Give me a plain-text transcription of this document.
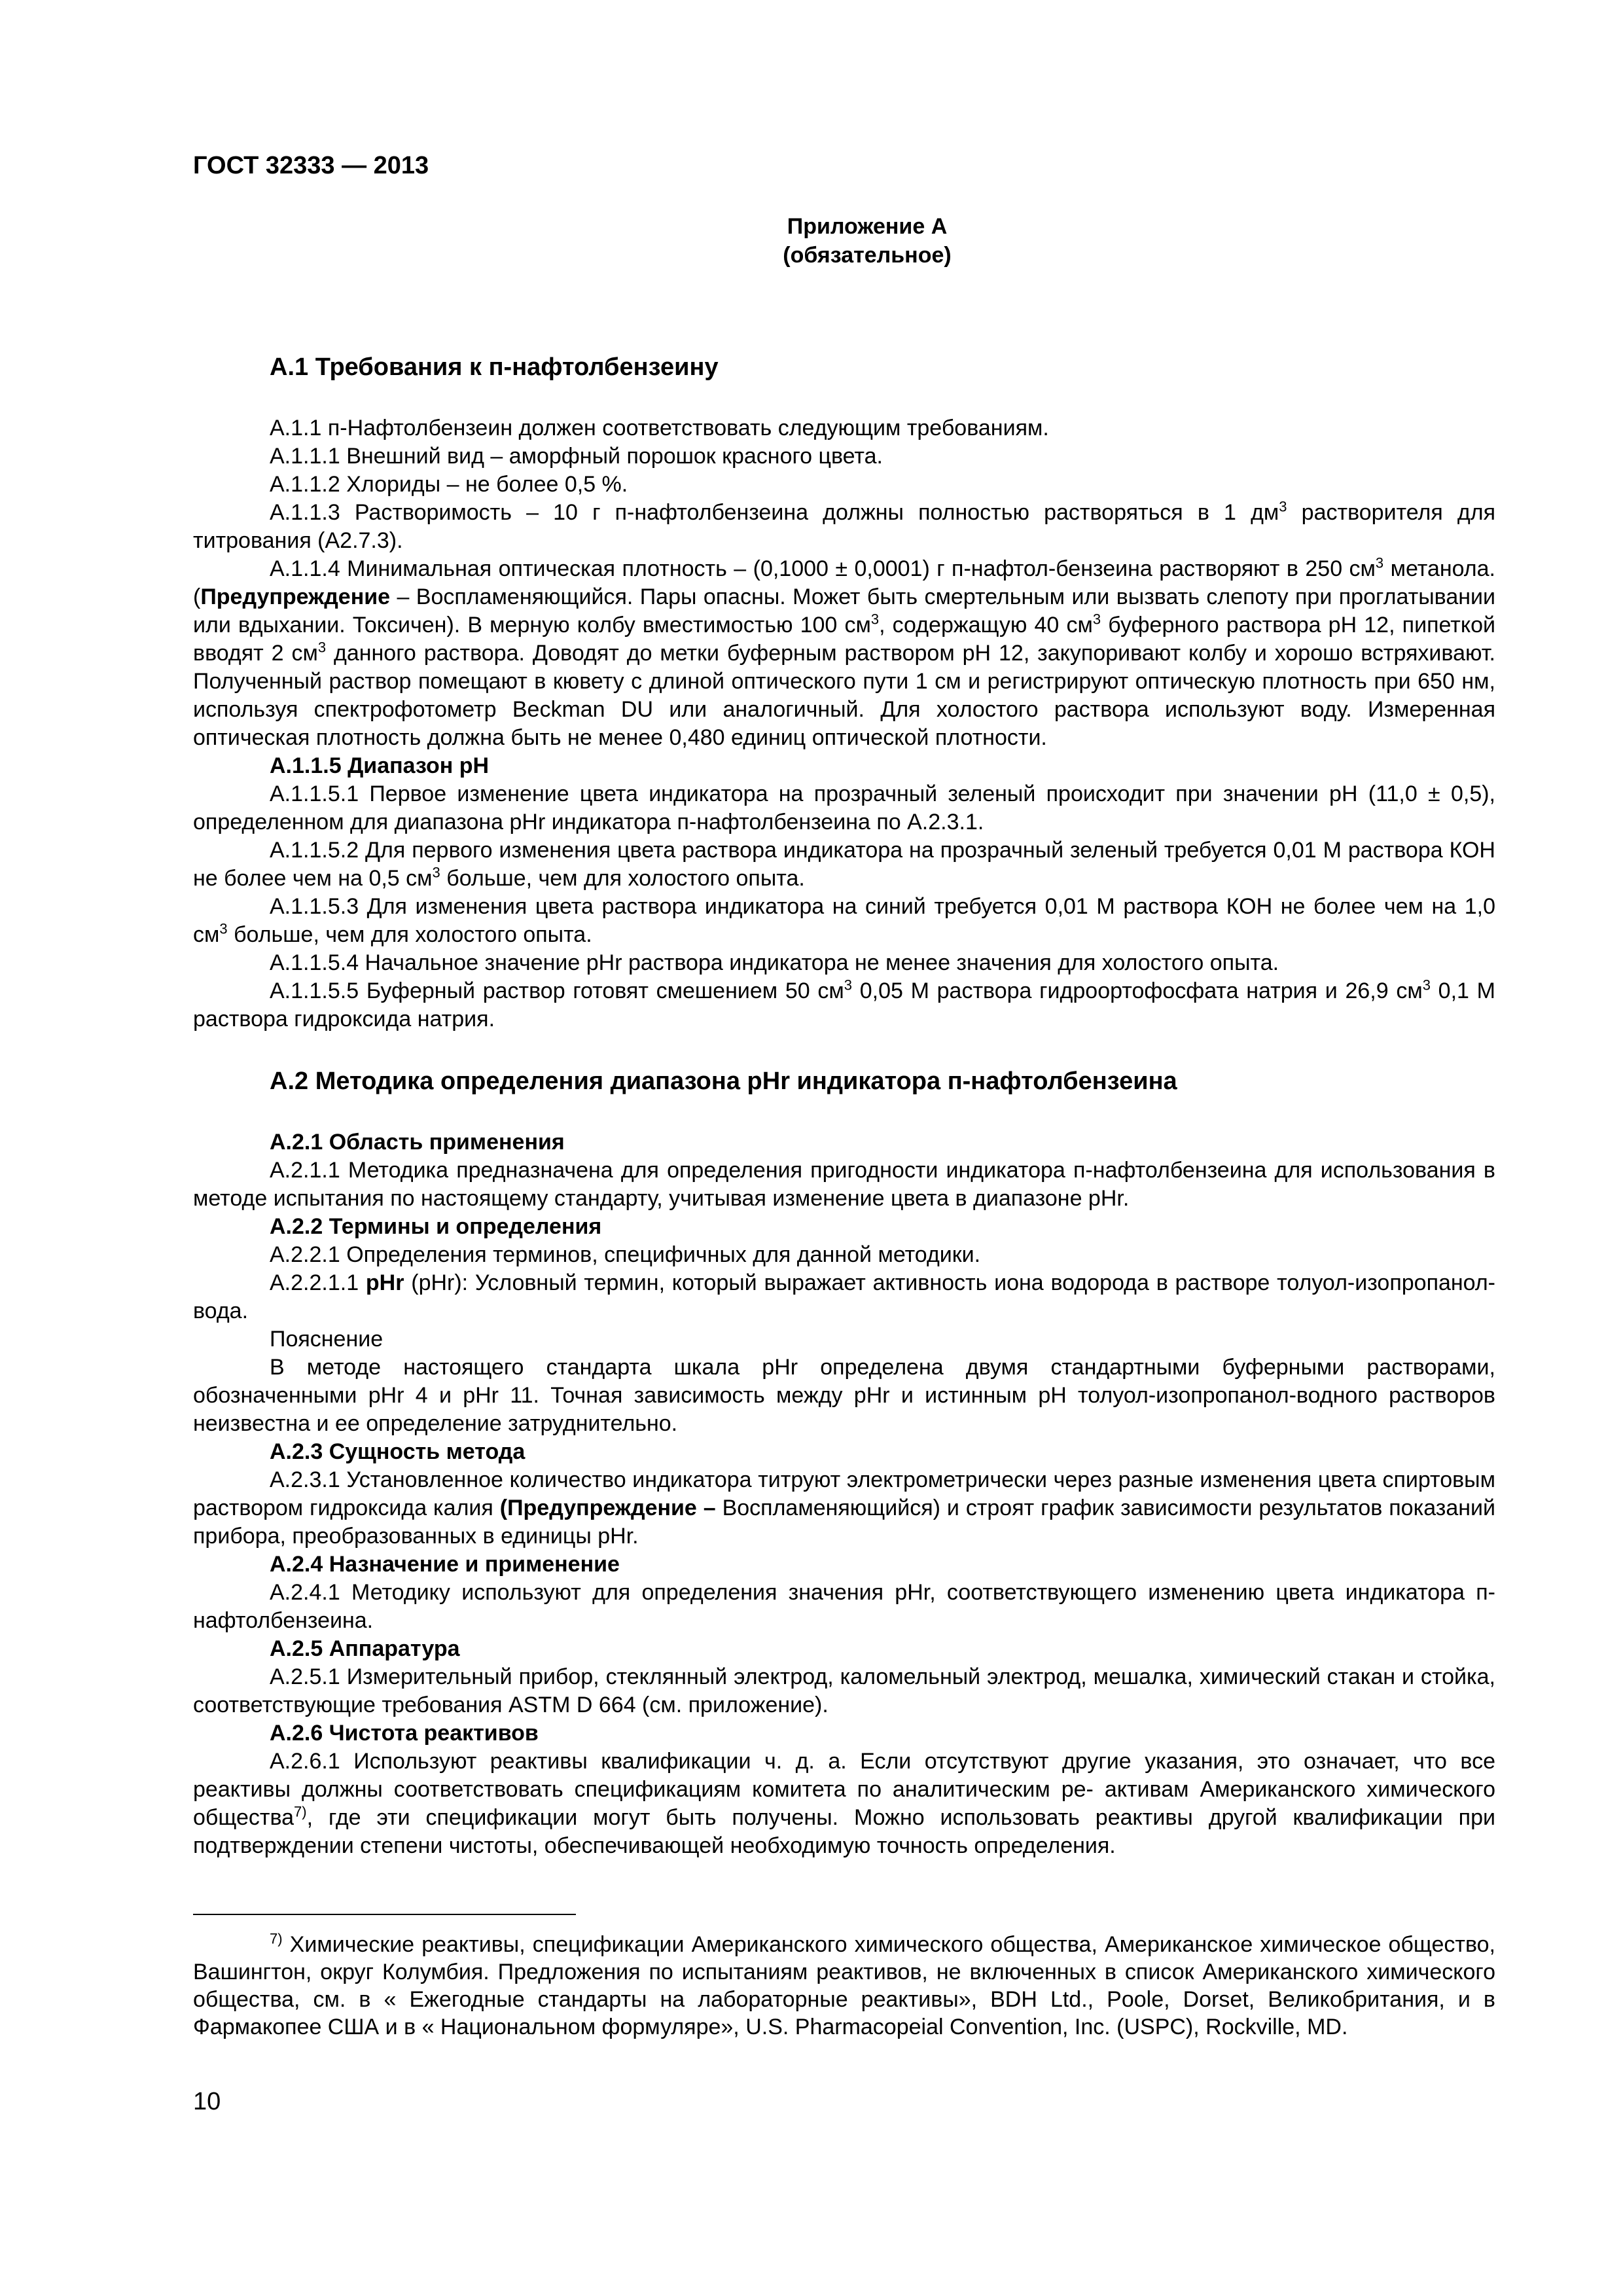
ГОСТ 32333 — 2013
Приложение А
(обязательное)

А.1 Требования к п-нафтолбензеину

А.1.1 п-Нафтолбензеин должен соответствовать следующим требованиям.

А.1.1.1 Внешний вид – аморфный порошок красного цвета.

А.1.1.2 Хлориды – не более 0,5 %.

А.1.1.3 Растворимость – 10 г п-нафтолбензеина должны полностью растворяться в 1 $дм^3$ растворителя для титрования (А2.7.3).

А.1.1.4 Минимальная оптическая плотность – (0,1000 ± 0,0001) г п-нафтол-бензеина растворяют в 250 $см^3$ метанола. (Предупреждение – Воспламеняющийся. Пары опасны. Может быть смертельным или вызвать слепоту при проглатывании или вдыхании. Токсичен). В мерную колбу вместимостью 100 $см^3$, содержащую 40 $см^3$ буферного раствора pH 12, пипеткой вводят 2 $см^3$ данного раствора. Доводят до метки буферным раствором pH 12, закупоривают колбу и хорошо встряхивают. Полученный раствор помещают в кювету с длиной оптического пути 1 см и регистрируют оптическую плотность при 650 нм, используя спектрофотометр Beckman DU или аналогичный. Для холостого раствора используют воду. Измеренная оптическая плотность должна быть не менее 0,480 единиц оптической плотности.

А.1.1.5 Диапазон pH

А.1.1.5.1 Первое изменение цвета индикатора на прозрачный зеленый происходит при значении pH (11,0 ± 0,5), определенном для диапазона pHr индикатора п-нафтолбензеина по А.2.3.1.

А.1.1.5.2 Для первого изменения цвета раствора индикатора на прозрачный зеленый требуется 0,01 М раствора КОН не более чем на 0,5 $см^3$ больше, чем для холостого опыта.

А.1.1.5.3 Для изменения цвета раствора индикатора на синий требуется 0,01 М раствора КОН не более чем на 1,0 $см^3$ больше, чем для холостого опыта.

А.1.1.5.4 Начальное значение pHr раствора индикатора не менее значения для холостого опыта.

А.1.1.5.5 Буферный раствор готовят смешением 50 $см^3$ 0,05 М раствора гидроортофосфата натрия и 26,9 $см^3$ 0,1 М раствора гидроксида натрия.

А.2 Методика определения диапазона pHr индикатора п-нафтолбензеина

А.2.1 Область применения

А.2.1.1 Методика предназначена для определения пригодности индикатора п-нафтолбензеина для использования в методе испытания по настоящему стандарту, учитывая изменение цвета в диапазоне pHr.

А.2.2 Термины и определения

А.2.2.1 Определения терминов, специфичных для данной методики.

А.2.2.1.1 pHr (pHr): Условный термин, который выражает активность иона водорода в растворе толуол-изопропанол-вода.

Пояснение

В методе настоящего стандарта шкала pHr определена двумя стандартными буферными растворами, обозначенными pHr 4 и pHr 11. Точная зависимость между pHr и истинным pH толуол-изопропанол-водного растворов неизвестна и ее определение затруднительно.

А.2.3 Сущность метода

А.2.3.1 Установленное количество индикатора титруют электрометрически через разные изменения цвета спиртовым раствором гидроксида калия (Предупреждение – Воспламеняющийся) и строят график зависимости результатов показаний прибора, преобразованных в единицы pHr.

А.2.4 Назначение и применение

А.2.4.1 Методику используют для определения значения pHr, соответствующего изменению цвета индикатора п-нафтолбензеина.

А.2.5 Аппаратура

А.2.5.1 Измерительный прибор, стеклянный электрод, каломельный электрод, мешалка, химический стакан и стойка, соответствующие требования ASTM D 664 (см. приложение).

А.2.6 Чистота реактивов

А.2.6.1 Используют реактивы квалификации ч. д. а. Если отсутствуют другие указания, это означает, что все реактивы должны соответствовать спецификациям комитета по аналитическим ре- активам Американского химического общества$^{7)}$, где эти спецификации могут быть получены. Можно использовать реактивы другой квалификации при подтверждении степени чистоты, обеспечивающей необходимую точность определения.

$^{7)}$ Химические реактивы, спецификации Американского химического общества, Американское химическое общество, Вашингтон, округ Колумбия. Предложения по испытаниям реактивов, не включенных в список Американского химического общества, см. в « Ежегодные стандарты на лабораторные реактивы», BDH Ltd., Poole, Dorset, Великобритания, и в Фармакопее США и в « Национальном формуляре», U.S. Pharmacopeial Convention, Inc. (USPC), Rockville, MD.

10
